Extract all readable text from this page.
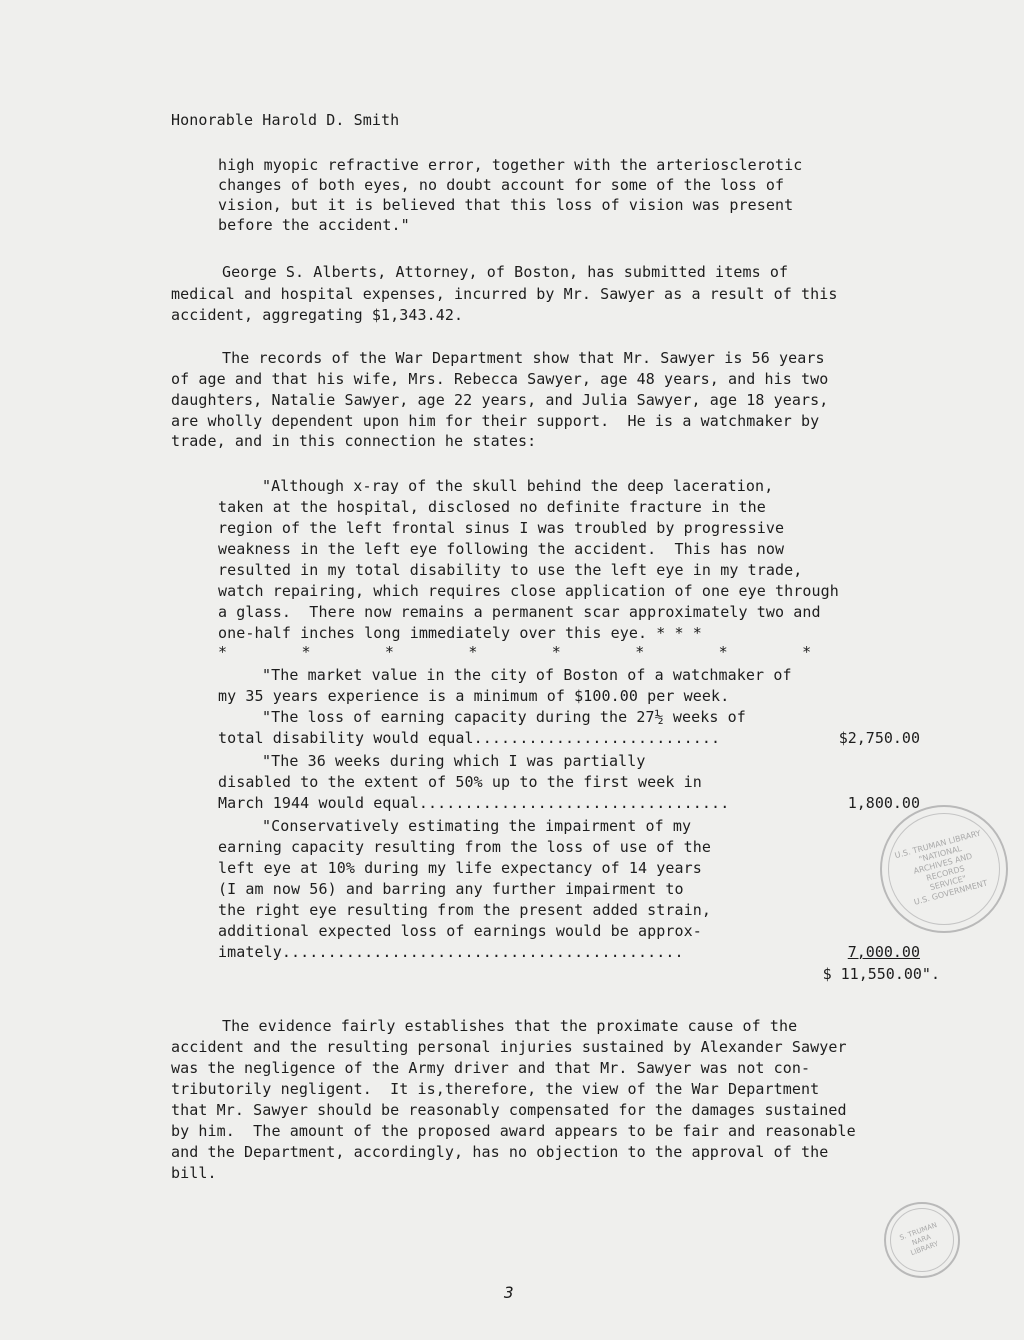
Honorable Harold D. Smith

high myopic refractive error, together with the arteriosclerotic

changes of both eyes, no doubt account for some of the loss of

vision, but it is believed that this loss of vision was present

before the accident."

George S. Alberts, Attorney, of Boston, has submitted items of

medical and hospital expenses, incurred by Mr. Sawyer as a result of this

accident, aggregating $1,343.42.

The records of the War Department show that Mr. Sawyer is 56 years

of age and that his wife, Mrs. Rebecca Sawyer, age 48 years, and his two

daughters, Natalie Sawyer, age 22 years, and Julia Sawyer, age 18 years,

are wholly dependent upon him for their support.  He is a watchmaker by

trade, and in this connection he states:

"Although x-ray of the skull behind the deep laceration,

taken at the hospital, disclosed no definite fracture in the

region of the left frontal sinus I was troubled by progressive

weakness in the left eye following the accident.  This has now

resulted in my total disability to use the left eye in my trade,

watch repairing, which requires close application of one eye through

a glass.  There now remains a permanent scar approximately two and

one-half inches long immediately over this eye. * * *

*       *       *       *       *       *       *       *

"The market value in the city of Boston of a watchmaker of

my 35 years experience is a minimum of $100.00 per week.

"The loss of earning capacity during the 27½ weeks of

total disability would equal...........................	$2,750.00

"The 36 weeks during which I was partially

disabled to the extent of 50% up to the first week in

March 1944 would equal..................................	1,800.00

"Conservatively estimating the impairment of my

earning capacity resulting from the loss of use of the

left eye at 10% during my life expectancy of 14 years

(I am now 56) and barring any further impairment to

the right eye resulting from the present added strain,

additional expected loss of earnings would be approx-

imately............................................	7,000.00

$ 11,550.00".

The evidence fairly establishes that the proximate cause of the

accident and the resulting personal injuries sustained by Alexander Sawyer

was the negligence of the Army driver and that Mr. Sawyer was not con-

tributorily negligent.  It is,therefore, the view of the War Department

that Mr. Sawyer should be reasonably compensated for the damages sustained

by him.  The amount of the proposed award appears to be fair and reasonable

and the Department, accordingly, has no objection to the approval of the

bill.

U.S. TRUMAN LIBRARY
"NATIONAL
ARCHIVES AND
RECORDS
SERVICE"
U.S. GOVERNMENT
S. TRUMAN
NARA
LIBRARY
3
